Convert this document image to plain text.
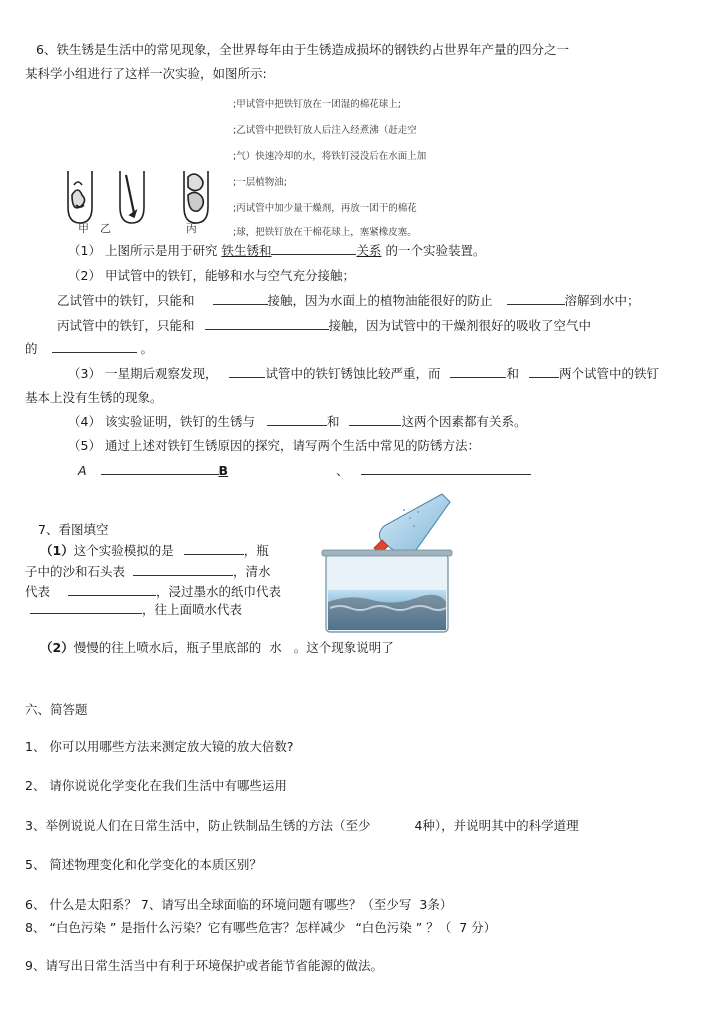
6、铁生锈是生活中的常见现象，全世界每年由于生锈造成损坏的钢铁约占世界年产量的四分之一
某科学小组进行了这样一次实验，如图所示:
;甲试管中把铁钉放在一团湿的棉花球上;
;乙试管中把铁钉放人后注入经煮沸（赶走空
;气）快速冷却的水，将铁钉浸没后在水面上加
;一层植物油;
;丙试管中加少量干燥剂，再放一团干的棉花
;球，把铁钉放在干棉花球上，塞紧橡皮塞。
甲 乙	丙
（1） 上图所示是用于研究 铁生锈和	关系 的一个实验装置。
（2） 甲试管中的铁钉，能够和水与空气充分接触；
乙试管中的铁钉，只能和	接触，因为水面上的植物油能很好的防止	溶解到水中；
丙试管中的铁钉，只能和	接触，因为试管中的干燥剂很好的吸收了空气中
的	。
（3） 一星期后观察发现，	试管中的铁钉锈蚀比较严重，而	和	两个试管中的铁钉
基本上没有生锈的现象。
（4） 该实验证明，铁钉的生锈与	和	这两个因素都有关系。
（5） 通过上述对铁钉生锈原因的探究，请写两个生活中常见的防锈方法：
A	B	、
7、看图填空
（1）这个实验模拟的是	，瓶
子中的沙和石头表	，清水
代表	，浸过墨水的纸巾代表
，往上面喷水代表
（2）慢慢的往上喷水后，瓶子里底部的 水 。这个现象说明了
六、简答题
1、 你可以用哪些方法来测定放大镜的放大倍数?
2、 请你说说化学变化在我们生活中有哪些运用
3、举例说说人们在日常生活中，防止铁制品生锈的方法（至少	4种），并说明其中的科学道理
5、 简述物理变化和化学变化的本质区别？
6、 什么是太阳系？ 7、请写出全球面临的环境问题有哪些？（至少写 3条）
8、 “白色污染 ” 是指什么污染？它有哪些危害？怎样减少 “白色污染 ” ？（ 7 分）
9、请写出日常生活当中有利于环境保护或者能节省能源的做法。
